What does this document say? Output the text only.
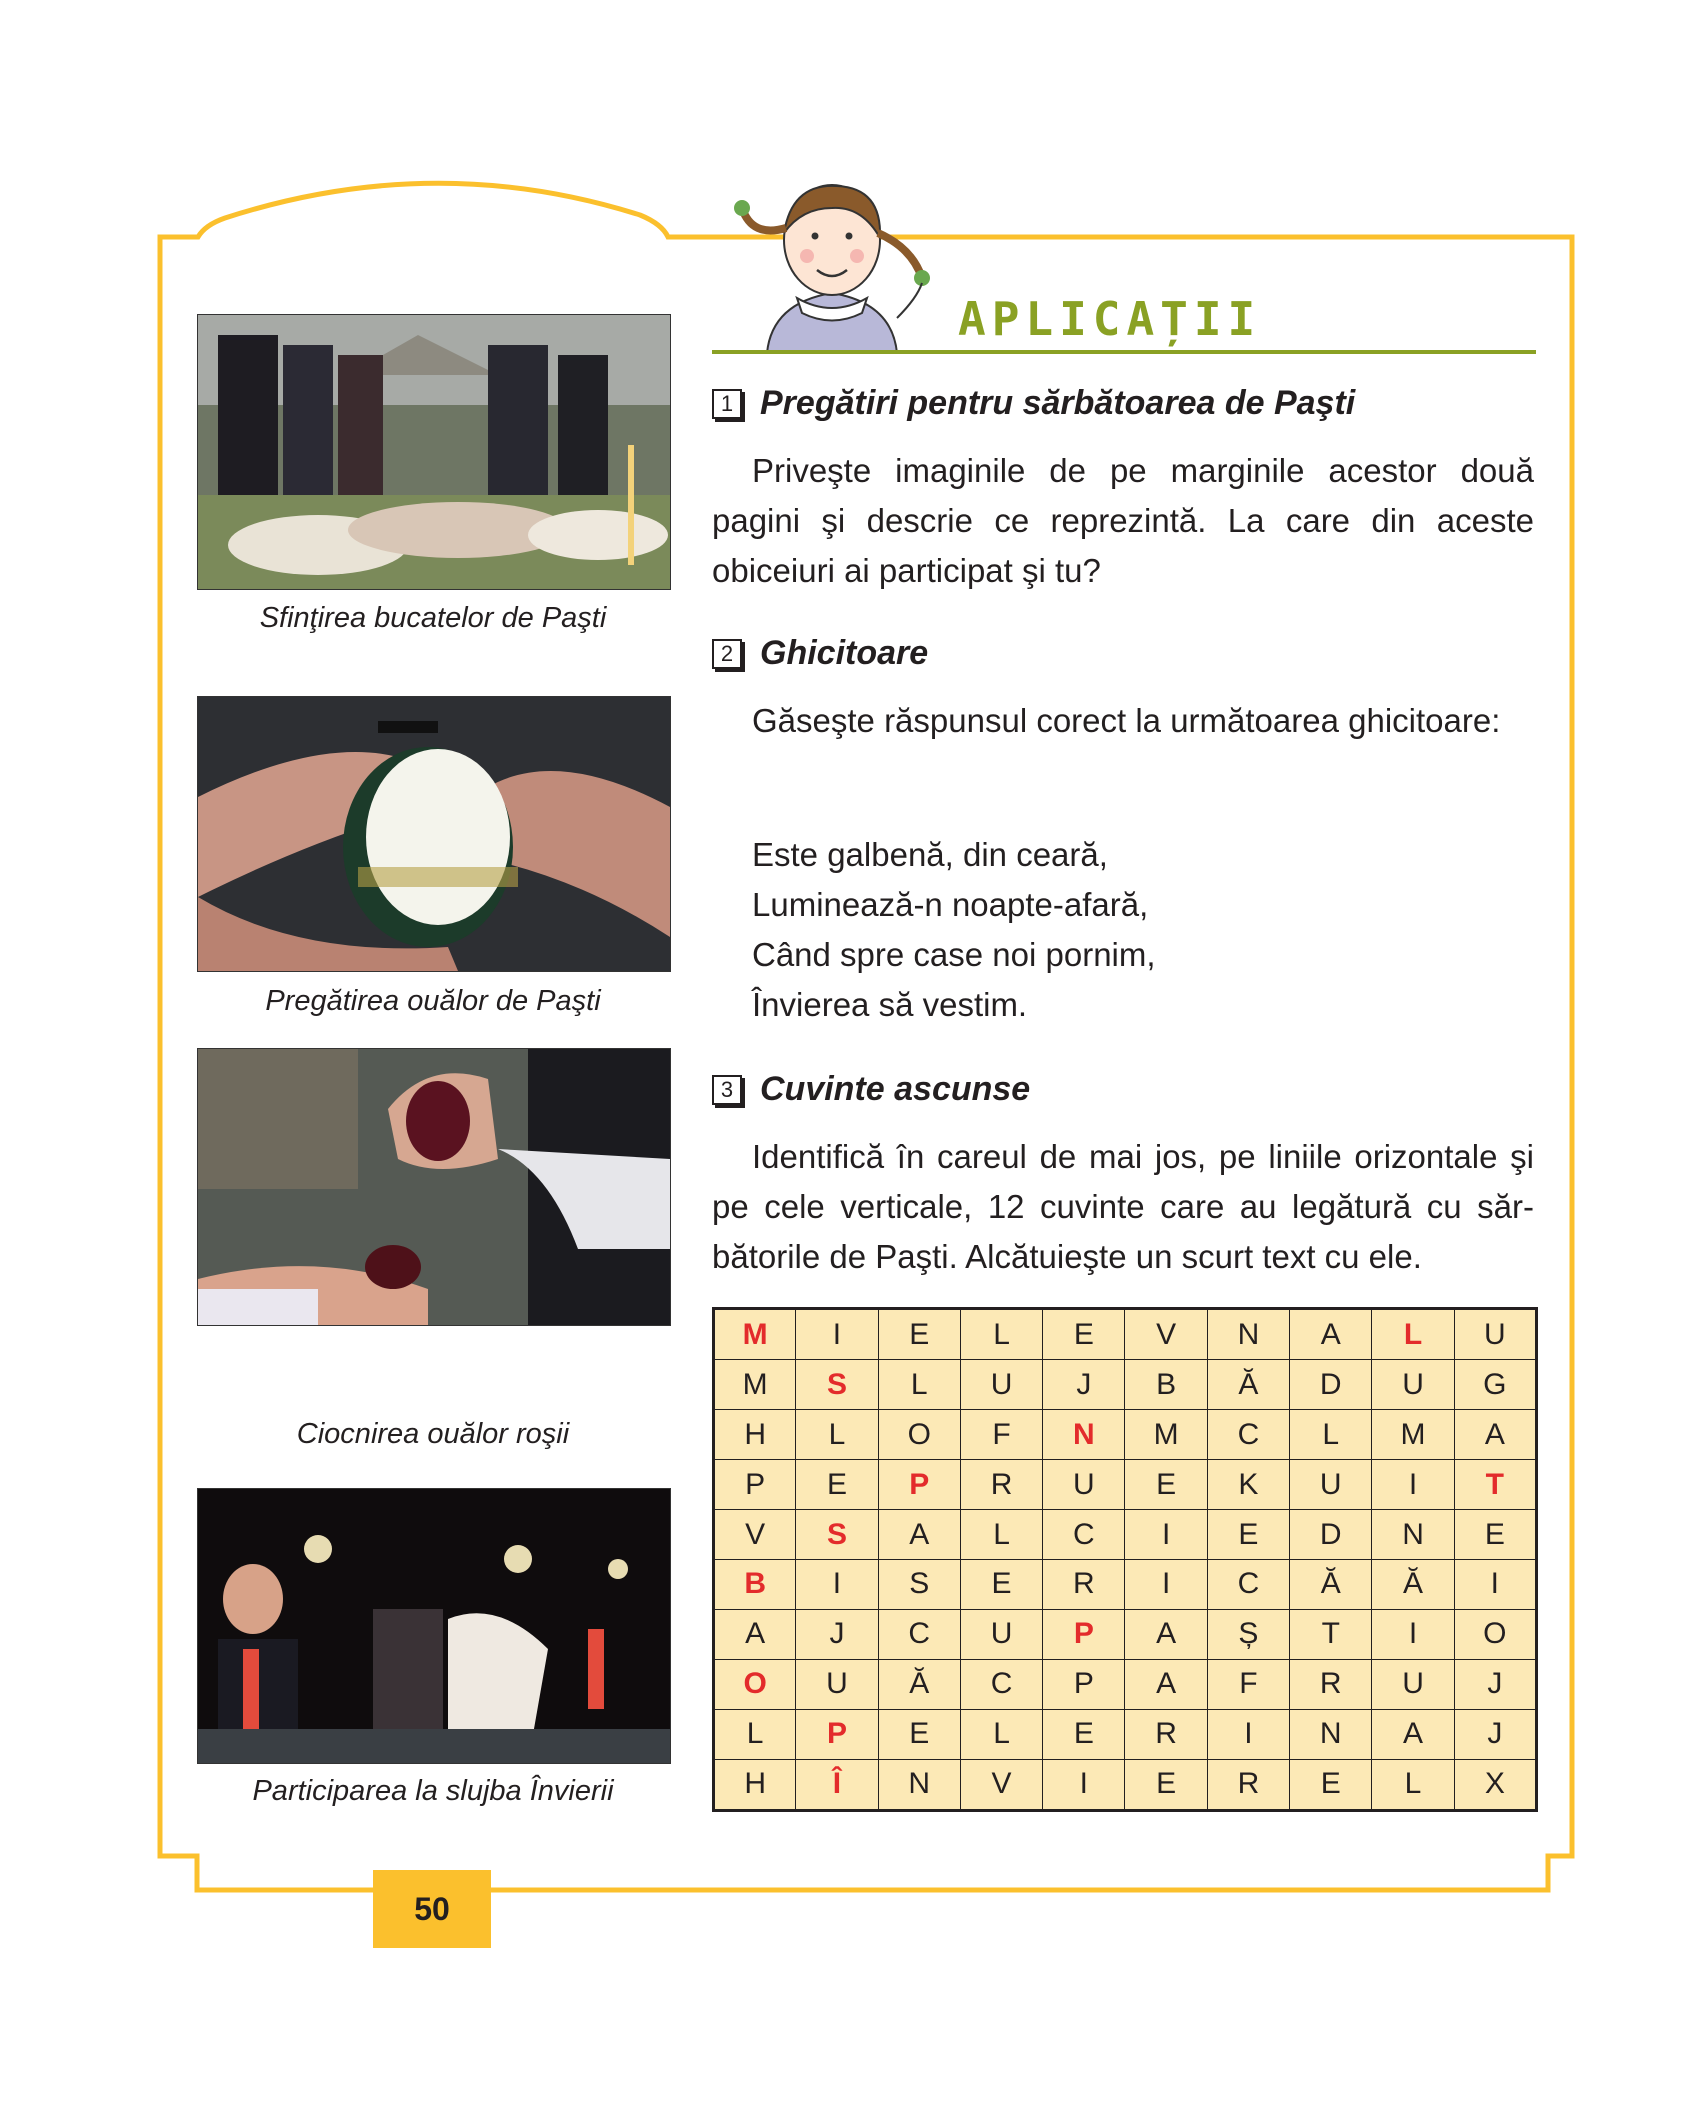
APLICAȚII
Sfinţirea bucatelor de Paşti
Pregătirea ouălor de Paşti
Ciocnirea ouălor roşii
Participarea la slujba Învierii
1 Pregătiri pentru sărbătoarea de Paşti
Priveşte imaginile de pe marginile acestor două pagini şi descrie ce reprezintă. La care din aceste obiceiuri ai participat şi tu?
2 Ghicitoare
Găseşte răspunsul corect la următoarea ghicitoare:
Este galbenă, din ceară,
Luminează-n noapte-afară,
Când spre case noi pornim,
Învierea să vestim.
3 Cuvinte ascunse
Identifică în careul de mai jos, pe liniile orizontale şi pe cele verticale, 12 cuvinte care au legătură cu sărbătorile de Paşti. Alcătuieşte un scurt text cu ele.
M	I	E	L	E	V	N	A	L	U
M	S	L	U	J	B	Ă	D	U	G
H	L	O	F	N	M	C	L	M	A
P	E	P	R	U	E	K	U	I	T
V	S	A	L	C	I	E	D	N	E
B	I	S	E	R	I	C	Ă	Ă	I
A	J	C	U	P	A	Ș	T	I	O
O	U	Ă	C	P	A	F	R	U	J
L	P	E	L	E	R	I	N	A	J
H	Î	N	V	I	E	R	E	L	X
50
